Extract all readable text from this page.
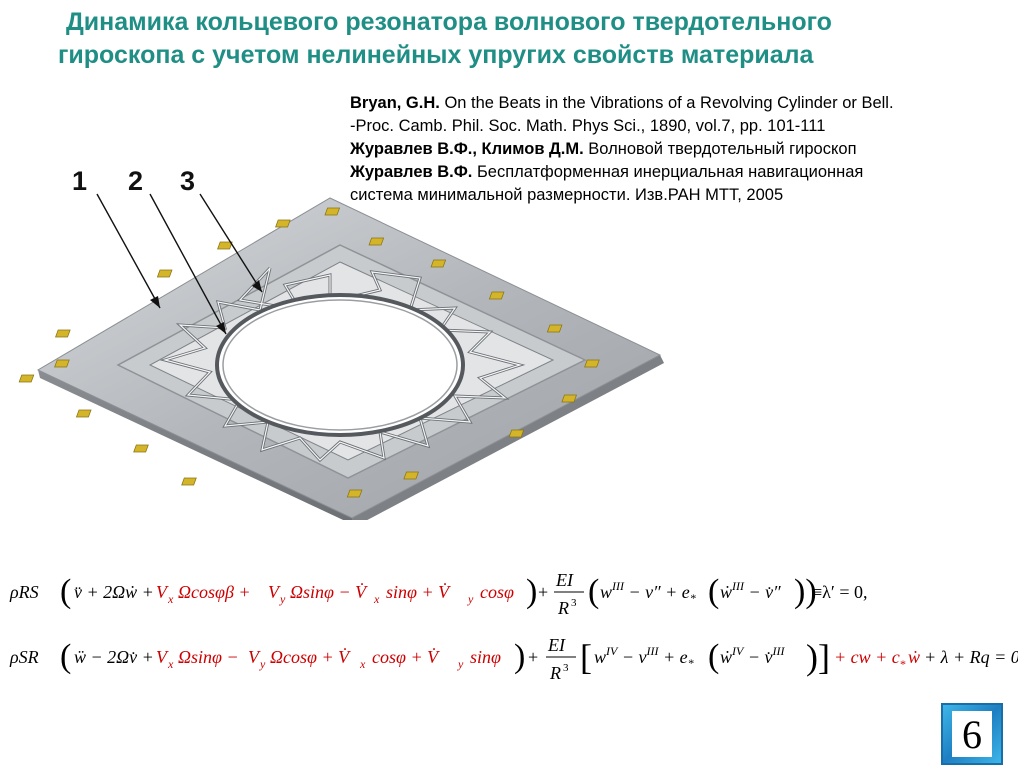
Динамика кольцевого резонатора волнового твердотельного
гироскопа с учетом нелинейных упругих свойств материала
Bryan, G.H. On the Beats in the Vibrations of a Revolving Cylinder or Bell.
-Proc. Camb. Phil. Soc. Math. Phys Sci., 1890, vol.7, pp. 101-111
Журавлев В.Ф., Климов Д.М. Волновой твердотельный гироскоп
Журавлев В.Ф. Бесплатформенная инерциальная навигационная
система минимальной размерности. Изв.РАН МТТ, 2005
1 2 3
ρRS ( v̈ + 2Ωẇ + V x Ωcosφβ + V y Ωsinφ − V̇ x sinφ + V̇ y cosφ ) +
EI
R 3 ( $w^{III} - v'' + e_*$ ( ẇ$^{III}$ − v̇″ ))
≡λ′ = 0,
ρSR ( ẅ − 2Ωv̇ + V x Ωsinφ − V y Ωcosφ + V̇ x cosφ + V̇ y sinφ ) +
EI
R 3 [ $w^{IV} - v^{III} + e_*$ ( ẇ$^{IV}$ − v̇$^{III}$ )] + cw + c * ẇ + λ + Rq = 0,
6
